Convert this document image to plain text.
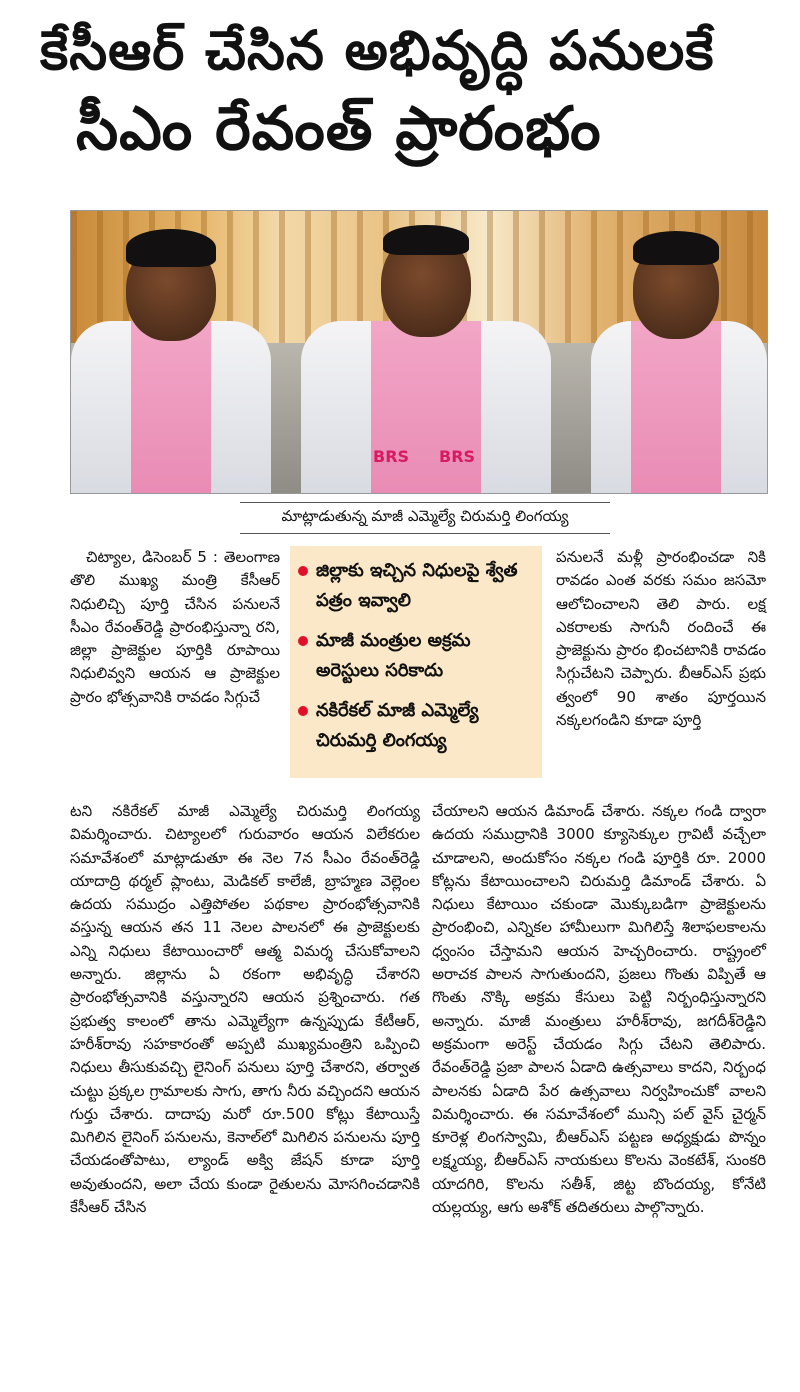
కేసీఆర్ చేసిన అభివృద్ధి పనులకే
సీఎం రేవంత్ ప్రారంభం
BRS BRS
మాట్లాడుతున్న మాజీ ఎమ్మెల్యే చిరుమర్తి లింగయ్య

చిట్యాల, డిసెంబర్ 5 : తెలంగాణ తొలి ముఖ్య మంత్రి కేసీఆర్ నిధులిచ్చి పూర్తి చేసిన పనులనే సీఎం రేవంత్‌రెడ్డి ప్రారంభిస్తున్నా రని, జిల్లా ప్రాజెక్టుల పూర్తికి రూపాయి నిధులివ్వని ఆయన ఆ ప్రాజెక్టుల ప్రారం భోత్సవానికి రావడం సిగ్గుచే

జిల్లాకు ఇచ్చిన నిధులపై శ్వేత పత్రం ఇవ్వాలి
మాజీ మంత్రుల అక్రమ అరెస్టులు సరికాదు
నకిరేకల్ మాజీ ఎమ్మెల్యే చిరుమర్తి లింగయ్య

పనులనే మళ్లీ ప్రారంభించడా నికి రావడం ఎంత వరకు సమం జసమో ఆలోచించాలని తెలి పారు. లక్ష ఎకరాలకు సాగునీ రందించే ఈ ప్రాజెక్టును ప్రారం భించటానికి రావడం సిగ్గుచేటని చెప్పారు. బీఆర్ఎస్ ప్రభు త్వంలో 90 శాతం పూర్తయిన నక్కలగండిని కూడా పూర్తి

టని నకిరేకల్ మాజీ ఎమ్మెల్యే చిరుమర్తి లింగయ్య విమర్శించారు. చిట్యాలలో గురువారం ఆయన విలేకరుల సమావేశంలో మాట్లాడుతూ ఈ నెల 7న సీఎం రేవంత్‌రెడ్డి యాదాద్రి థర్మల్ ప్లాంటు, మెడికల్ కాలేజీ, బ్రాహ్మణ వెల్లెంల ఉదయ సముద్రం ఎత్తిపోతల పథకాల ప్రారంభోత్సవానికి వస్తున్న ఆయన తన 11 నెలల పాలనలో ఈ ప్రాజెక్టులకు ఎన్ని నిధులు కేటాయించారో ఆత్మ విమర్శ చేసుకోవాలని అన్నారు. జిల్లాను ఏ రకంగా అభివృద్ధి చేశారని ప్రారంభోత్సవానికి వస్తున్నారని ఆయన ప్రశ్నించారు. గత ప్రభుత్వ కాలంలో తాను ఎమ్మెల్యేగా ఉన్నప్పుడు కేటీఆర్, హరీశ్‌రావు సహకారంతో అప్పటి ముఖ్యమంత్రిని ఒప్పించి నిధులు తీసుకువచ్చి లైనింగ్ పనులు పూర్తి చేశారని, తర్వాత చుట్టు ప్రక్కల గ్రామాలకు సాగు, తాగు నీరు వచ్చిందని ఆయన గుర్తు చేశారు. దాదాపు మరో రూ.500 కోట్లు కేటాయిస్తే మిగిలిన లైనింగ్ పనులను, కెనాల్‌లో మిగిలిన పనులను పూర్తి చేయడంతోపాటు, ల్యాండ్ అక్వి జేషన్ కూడా పూర్తి అవుతుందని, అలా చేయ కుండా రైతులను మోసగించడానికి కేసీఆర్ చేసిన

చేయాలని ఆయన డిమాండ్ చేశారు. నక్కల గండి ద్వారా ఉదయ సముద్రానికి 3000 క్యూసెక్కుల గ్రావిటీ వచ్చేలా చూడాలని, అందుకోసం నక్కల గండి పూర్తికి రూ. 2000 కోట్లను కేటాయించాలని చిరుమర్తి డిమాండ్ చేశారు. ఏ నిధులు కేటాయిం చకుండా మొక్కుబడిగా ప్రాజెక్టులను ప్రారంభించి, ఎన్నికల హామీలుగా మిగిలిస్తే శిలాఫలకాలను ధ్వంసం చేస్తామని ఆయన హెచ్చరించారు. రాష్ట్రంలో అరాచక పాలన సాగుతుందని, ప్రజలు గొంతు విప్పితే ఆ గొంతు నొక్కి అక్రమ కేసులు పెట్టి నిర్బంధిస్తున్నారని అన్నారు. మాజీ మంత్రులు హరీశ్‌రావు, జగదీశ్‌రెడ్డిని అక్రమంగా అరెస్ట్ చేయడం సిగ్గు చేటని తెలిపారు. రేవంత్‌రెడ్డి ప్రజా పాలన ఏడాది ఉత్సవాలు కాదని, నిర్బంధ పాలనకు ఏడాది పేర ఉత్సవాలు నిర్వహించుకో వాలని విమర్శించారు. ఈ సమావేశంలో మున్సి పల్ వైస్ చైర్మన్ కూరెళ్ల లింగస్వామి, బీఆర్ఎస్ పట్టణ అధ్యక్షుడు పొన్నం లక్ష్మయ్య, బీఆర్ఎస్ నాయకులు కొలను వెంకటేశ్, సుంకరి యాదగిరి, కొలను సతీశ్, జిట్ట బొందయ్య, కోనేటి యల్లయ్య, ఆగు అశోక్ తదితరులు పాల్గొన్నారు.
